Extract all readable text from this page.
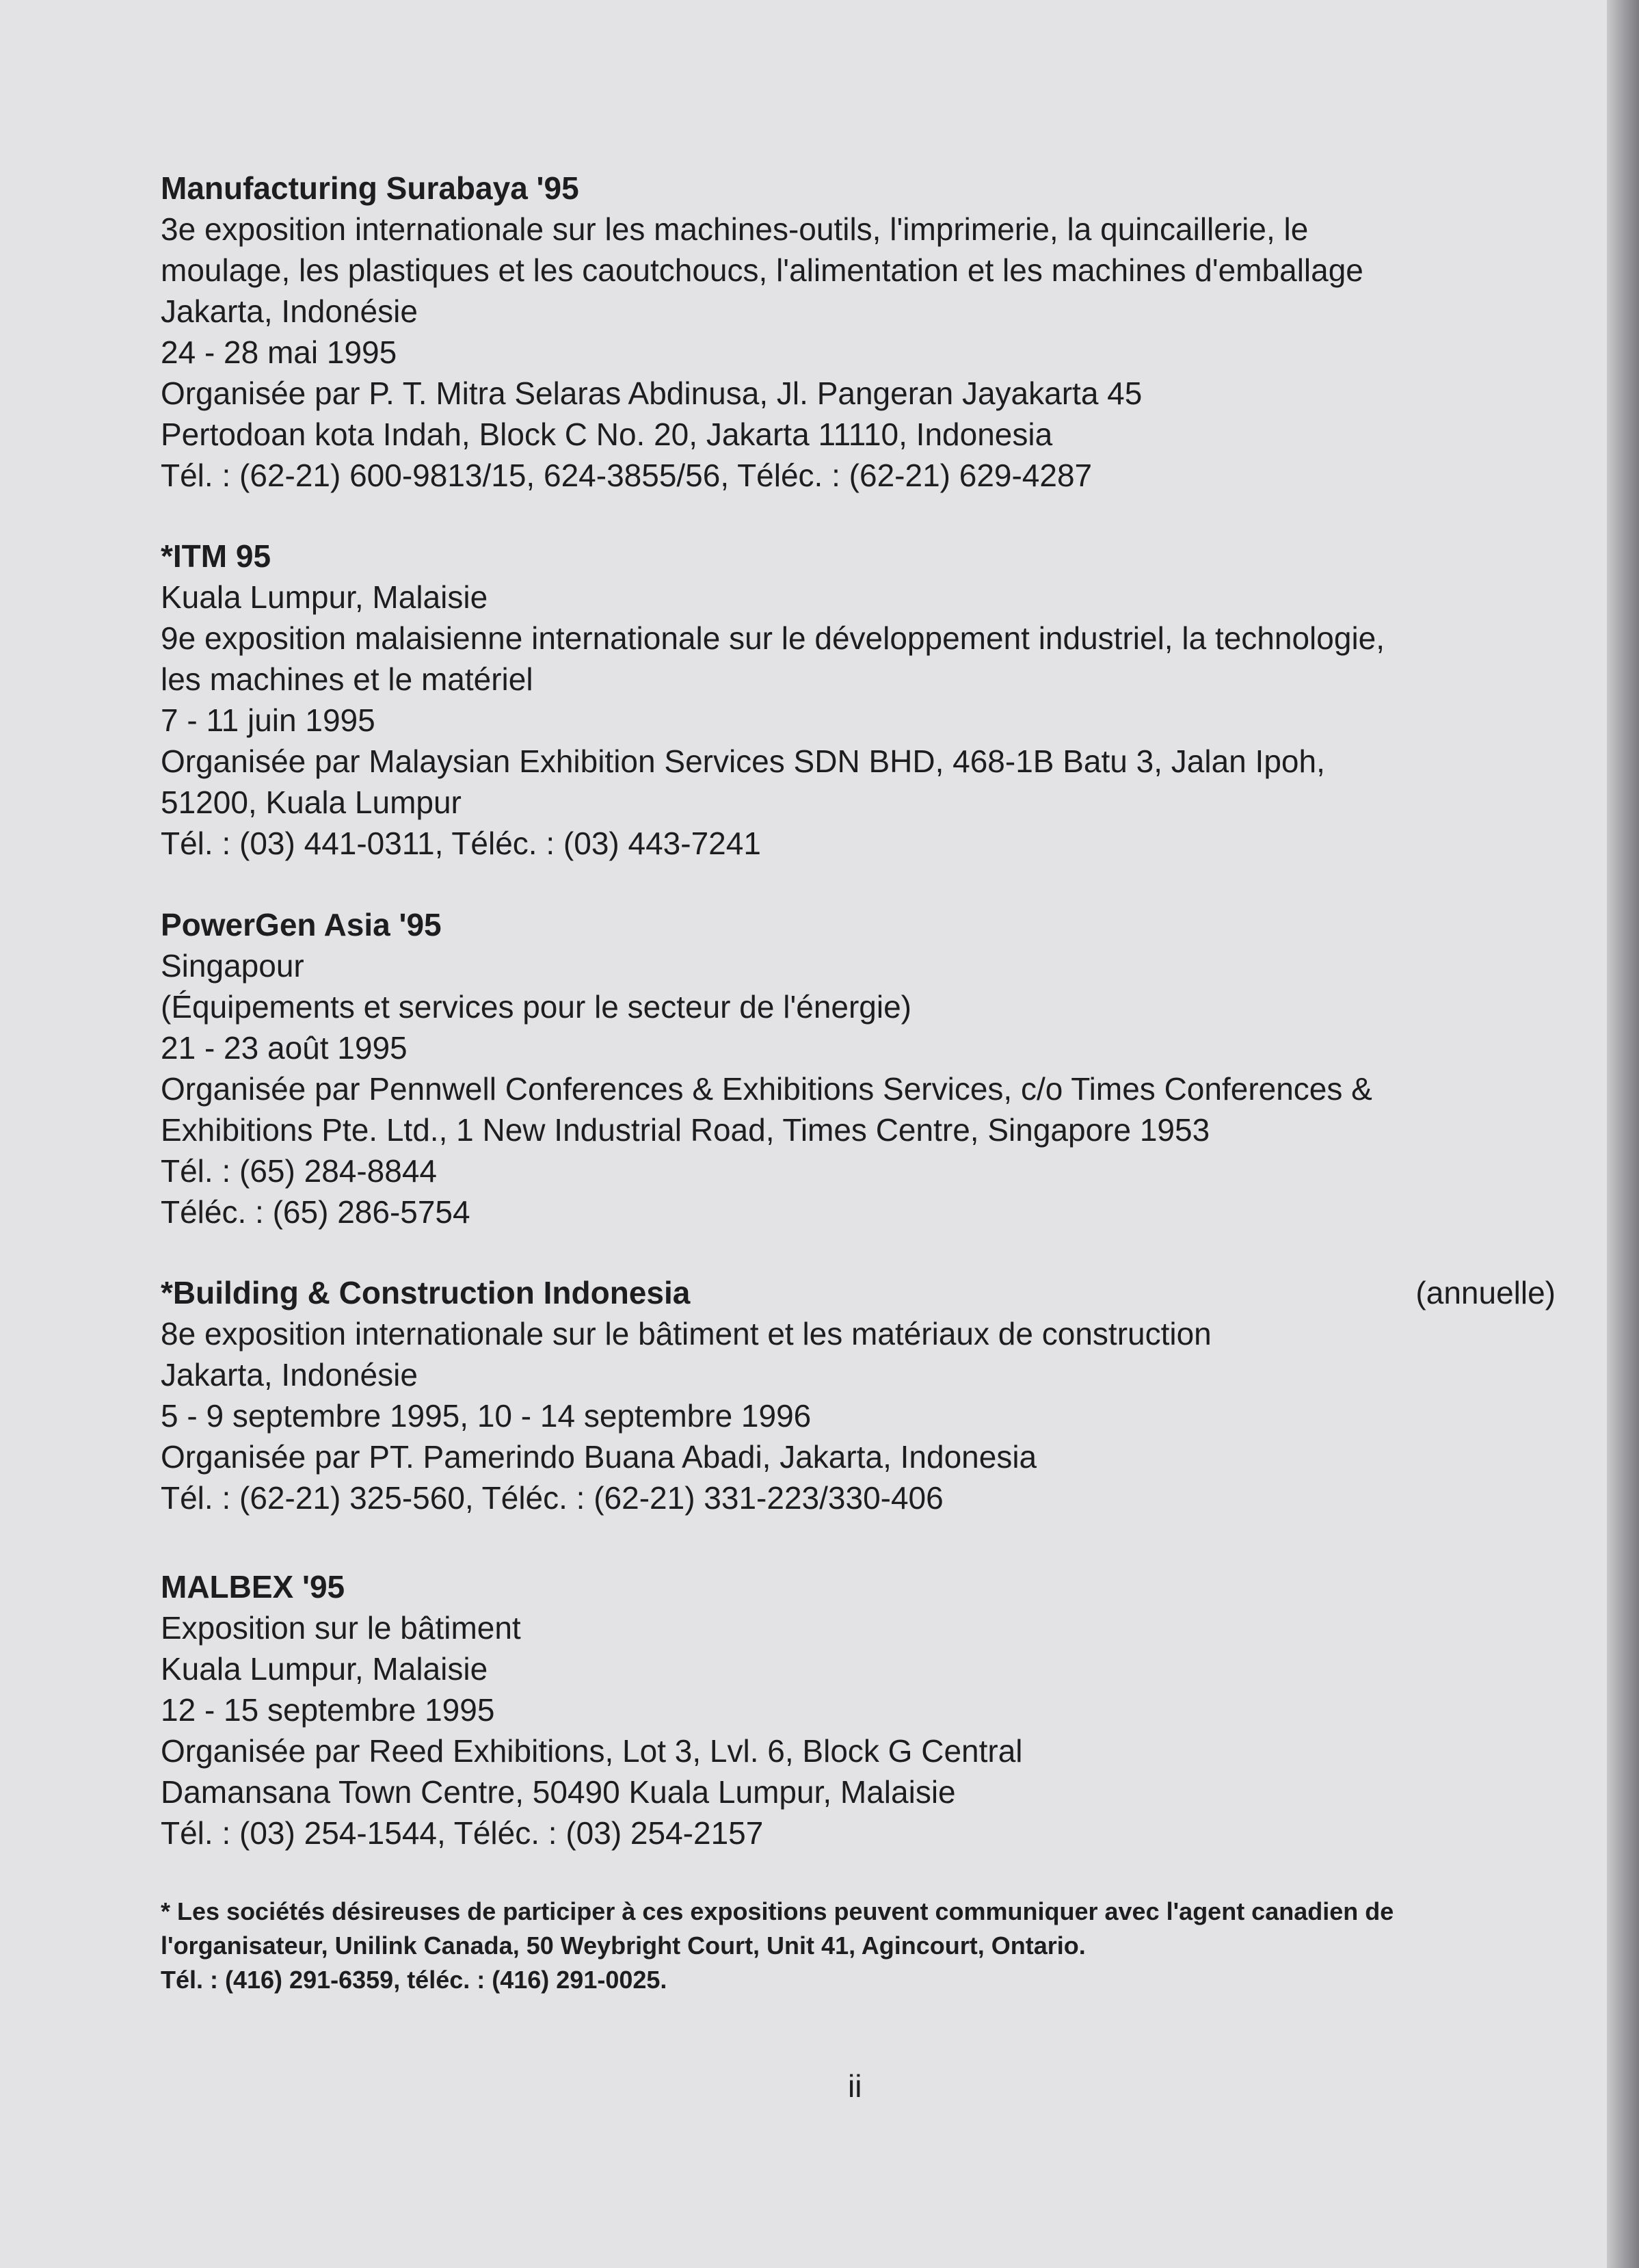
Manufacturing Surabaya '95
3e exposition internationale sur les machines-outils, l'imprimerie, la quincaillerie, le
moulage, les plastiques et les caoutchoucs, l'alimentation et les machines d'emballage
Jakarta, Indonésie
24 - 28 mai 1995
Organisée par P. T. Mitra Selaras Abdinusa, Jl. Pangeran Jayakarta 45
Pertodoan kota Indah, Block C No. 20, Jakarta 11110, Indonesia
Tél. : (62-21) 600-9813/15, 624-3855/56, Téléc. : (62-21) 629-4287
*ITM 95
Kuala Lumpur, Malaisie
9e exposition malaisienne internationale sur le développement industriel, la technologie,
les machines et le matériel
7 - 11 juin 1995
Organisée par Malaysian Exhibition Services SDN BHD, 468-1B Batu 3, Jalan Ipoh,
51200, Kuala Lumpur
Tél. : (03) 441-0311, Téléc. : (03) 443-7241
PowerGen Asia '95
Singapour
(Équipements et services pour le secteur de l'énergie)
21 - 23 août 1995
Organisée par Pennwell Conferences & Exhibitions Services, c/o Times Conferences &
Exhibitions Pte. Ltd., 1 New Industrial Road, Times Centre, Singapore 1953
Tél. : (65) 284-8844
Téléc. : (65) 286-5754
*Building & Construction Indonesia	(annuelle)
8e exposition internationale sur le bâtiment et les matériaux de construction
Jakarta, Indonésie
5 - 9 septembre 1995, 10 - 14 septembre 1996
Organisée par PT. Pamerindo Buana Abadi, Jakarta, Indonesia
Tél. : (62-21) 325-560, Téléc. : (62-21) 331-223/330-406
MALBEX '95
Exposition sur le bâtiment
Kuala Lumpur, Malaisie
12 - 15 septembre 1995
Organisée par Reed Exhibitions, Lot 3, Lvl. 6, Block G Central
Damansana Town Centre, 50490 Kuala Lumpur, Malaisie
Tél. : (03) 254-1544, Téléc. : (03) 254-2157
* Les sociétés désireuses de participer à ces expositions peuvent communiquer avec l'agent canadien de
l'organisateur, Unilink Canada, 50 Weybright Court, Unit 41, Agincourt, Ontario.
Tél. : (416) 291-6359, téléc. : (416) 291-0025.
ii
